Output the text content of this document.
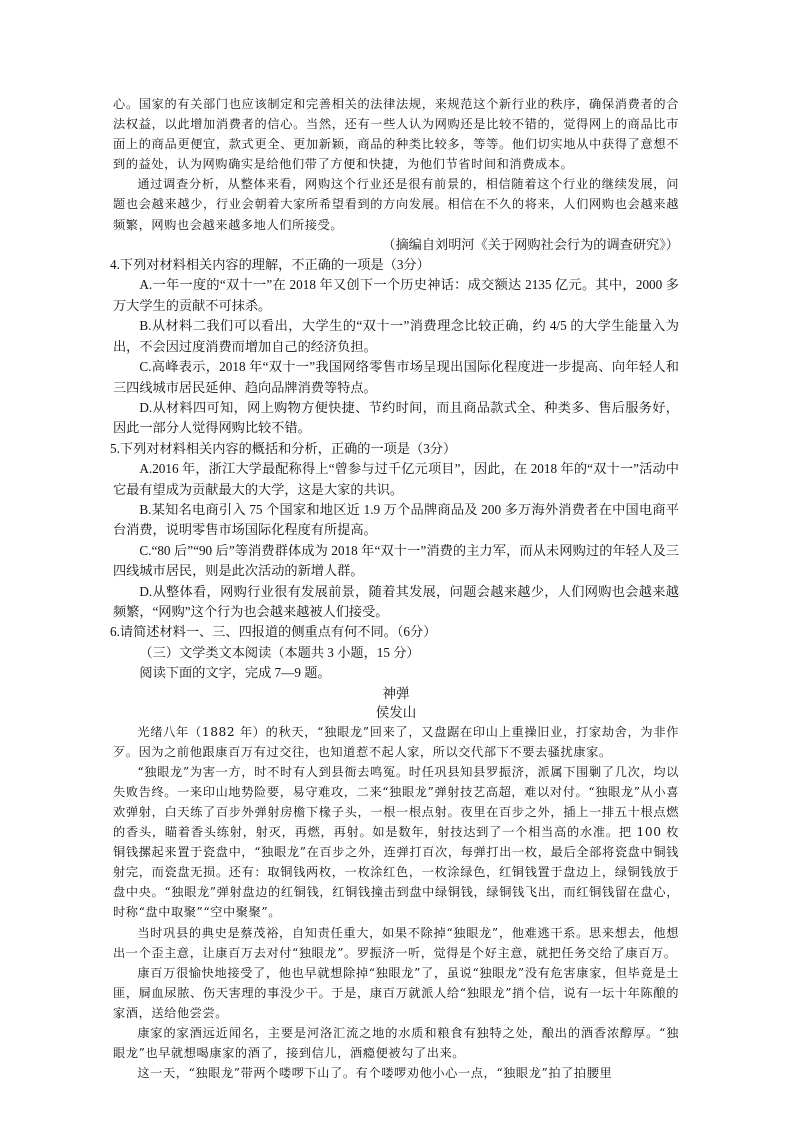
心。国家的有关部门也应该制定和完善相关的法律法规，来规范这个新行业的秩序，确保消费者的合法权益，以此增加消费者的信心。当然，还有一些人认为网购还是比较不错的，觉得网上的商品比市面上的商品更便宜，款式更全、更加新颖，商品的种类比较多，等等。他们切实地从中获得了意想不到的益处，认为网购确实是给他们带了方便和快捷，为他们节省时间和消费成本。

通过调查分析，从整体来看，网购这个行业还是很有前景的，相信随着这个行业的继续发展，问题也会越来越少，行业会朝着大家所希望看到的方向发展。相信在不久的将来，人们网购也会越来越频繁，网购也会越来越多地人们所接受。

（摘编自刘明河《关于网购社会行为的调查研究》）

4.下列对材料相关内容的理解，不正确的一项是（3分）

A.一年一度的“双十一”在 2018 年又创下一个历史神话：成交额达 2135 亿元。其中，2000 多万大学生的贡献不可抹杀。

B.从材料二我们可以看出，大学生的“双十一”消费理念比较正确，约 4/5 的大学生能量入为出，不会因过度消费而增加自己的经济负担。

C.高峰表示，2018 年“双十一”我国网络零售市场呈现出国际化程度进一步提高、向年轻人和三四线城市居民延伸、趋向品牌消费等特点。

D.从材料四可知，网上购物方便快捷、节约时间，而且商品款式全、种类多、售后服务好，因此一部分人觉得网购比较不错。

5.下列对材料相关内容的概括和分析，正确的一项是（3分）

A.2016 年，浙江大学最配称得上“曾参与过千亿元项目”，因此，在 2018 年的“双十一”活动中它最有望成为贡献最大的大学，这是大家的共识。

B.某知名电商引入 75 个国家和地区近 1.9 万个品牌商品及 200 多万海外消费者在中国电商平台消费，说明零售市场国际化程度有所提高。

C.“80 后”“90 后”等消费群体成为 2018 年“双十一”消费的主力军，而从未网购过的年轻人及三四线城市居民，则是此次活动的新增人群。

D.从整体看，网购行业很有发展前景，随着其发展，问题会越来越少，人们网购也会越来越频繁，“网购”这个行为也会越来越被人们接受。

6.请简述材料一、三、四报道的侧重点有何不同。（6分）

（三）文学类文本阅读（本题共 3 小题，15 分）

阅读下面的文字，完成 7—9 题。

神弹

侯发山

光绪八年（1882 年）的秋天，“独眼龙”回来了，又盘踞在印山上重操旧业，打家劫舍，为非作歹。因为之前他跟康百万有过交往，也知道惹不起人家，所以交代部下不要去骚扰康家。

“独眼龙”为害一方，时不时有人到县衙去鸣冤。时任巩县知县罗振济，派属下围剿了几次，均以失败告终。一来印山地势险要，易守难攻，二来“独眼龙”弹射技艺高超，难以对付。“独眼龙”从小喜欢弹射，白天练了百步外弹射房檐下椽子头，一根一根点射。夜里在百步之外，插上一排五十根点燃的香头，瞄着香头练射，射灭，再燃，再射。如是数年，射技达到了一个相当高的水准。把 100 枚铜钱摞起来置于瓷盘中，“独眼龙”在百步之外，连弹打百次，每弹打出一枚，最后全部将瓷盘中铜钱射完，而瓷盘无损。还有：取铜钱两枚，一枚涂红色，一枚涂绿色，红铜钱置于盘边上，绿铜钱放于盘中央。“独眼龙”弹射盘边的红铜钱，红铜钱撞击到盘中绿铜钱，绿铜钱飞出，而红铜钱留在盘心，时称“盘中取聚”“空中聚聚”。

当时巩县的典史是蔡茂裕，自知责任重大，如果不除掉“独眼龙”，他难逃干系。思来想去，他想出一个歪主意，让康百万去对付“独眼龙”。罗振济一听，觉得是个好主意，就把任务交给了康百万。

康百万很愉快地接受了，他也早就想除掉“独眼龙”了，虽说“独眼龙”没有危害康家，但毕竟是土匪，屙血尿脓、伤天害理的事没少干。于是，康百万就派人给“独眼龙”捎个信，说有一坛十年陈酿的家酒，送给他尝尝。

康家的家酒远近闻名，主要是河洛汇流之地的水质和粮食有独特之处，酿出的酒香浓醇厚。“独眼龙”也早就想喝康家的酒了，接到信儿，酒瘾便被勾了出来。

这一天，“独眼龙”带两个喽啰下山了。有个喽啰劝他小心一点，“独眼龙”拍了拍腰里
